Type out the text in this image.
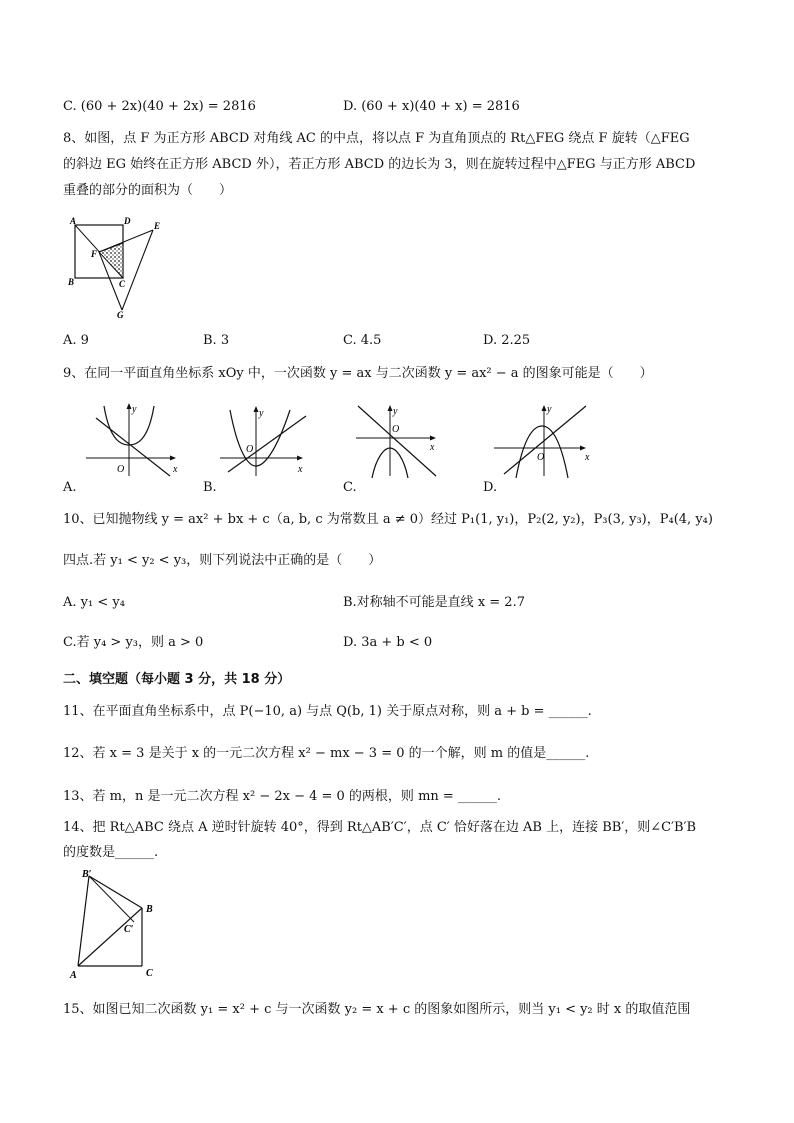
C. (60 + 2x)(40 + 2x) = 2816	D. (60 + x)(40 + x) = 2816
8、如图，点 F 为正方形 ABCD 对角线 AC 的中点，将以点 F 为直角顶点的 Rt△FEG 绕点 F 旋转（△FEG
的斜边 EG 始终在正方形 ABCD 外），若正方形 ABCD 的边长为 3，则在旋转过程中△FEG 与正方形 ABCD
重叠的部分的面积为（　　）
A	D	E
F
B	C
G
A. 9	B. 3	C. 4.5	D. 2.25
9、在同一平面直角坐标系 xOy 中，一次函数 y = ax 与二次函数 y = ax² − a 的图象可能是（　　）
y
x
O
y
x
O
y
x
O
y
x
O
A.	B.	C.	D.
10、已知抛物线 y = ax² + bx + c（a, b, c 为常数且 a ≠ 0）经过 P₁(1, y₁)，P₂(2, y₂)，P₃(3, y₃)，P₄(4, y₄)
四点.若 y₁ < y₂ < y₃，则下列说法中正确的是（　　）
A. y₁ < y₄	B.对称轴不可能是直线 x = 2.7
C.若 y₄ > y₃，则 a > 0	D. 3a + b < 0
二、填空题（每小题 3 分，共 18 分）
11、在平面直角坐标系中，点 P(−10, a) 与点 Q(b, 1) 关于原点对称，则 a + b = ______.
12、若 x = 3 是关于 x 的一元二次方程 x² − mx − 3 = 0 的一个解，则 m 的值是______.
13、若 m，n 是一元二次方程 x² − 2x − 4 = 0 的两根，则 mn = ______.
14、把 Rt△ABC 绕点 A 逆时针旋转 40°，得到 Rt△AB′C′，点 C′ 恰好落在边 AB 上，连接 BB′，则∠C′B′B
的度数是______.
B′
B
C′
A	C
15、如图已知二次函数 y₁ = x² + c 与一次函数 y₂ = x + c 的图象如图所示，则当 y₁ < y₂ 时 x 的取值范围
